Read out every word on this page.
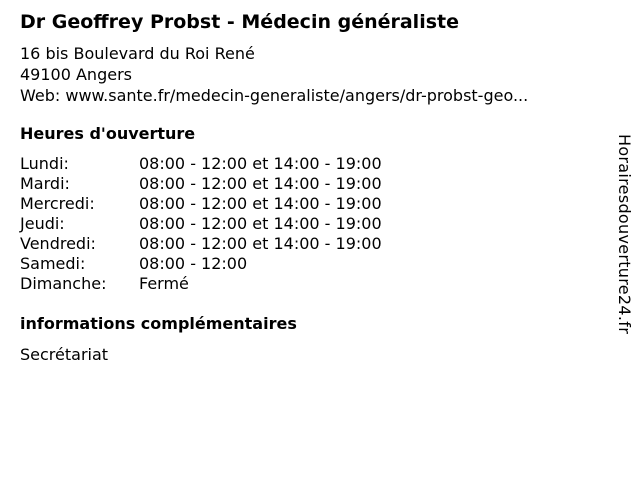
Dr Geoffrey Probst - Médecin généraliste
16 bis Boulevard du Roi René
49100 Angers
Web: www.sante.fr/medecin-generaliste/angers/dr-probst-geo...
Heures d'ouverture
Lundi:	08:00 - 12:00 et 14:00 - 19:00
Mardi:	08:00 - 12:00 et 14:00 - 19:00
Mercredi:	08:00 - 12:00 et 14:00 - 19:00
Jeudi:	08:00 - 12:00 et 14:00 - 19:00
Vendredi:	08:00 - 12:00 et 14:00 - 19:00
Samedi:	08:00 - 12:00
Dimanche: Fermé
informations complémentaires
Secrétariat
Horairesdouverture24.fr
